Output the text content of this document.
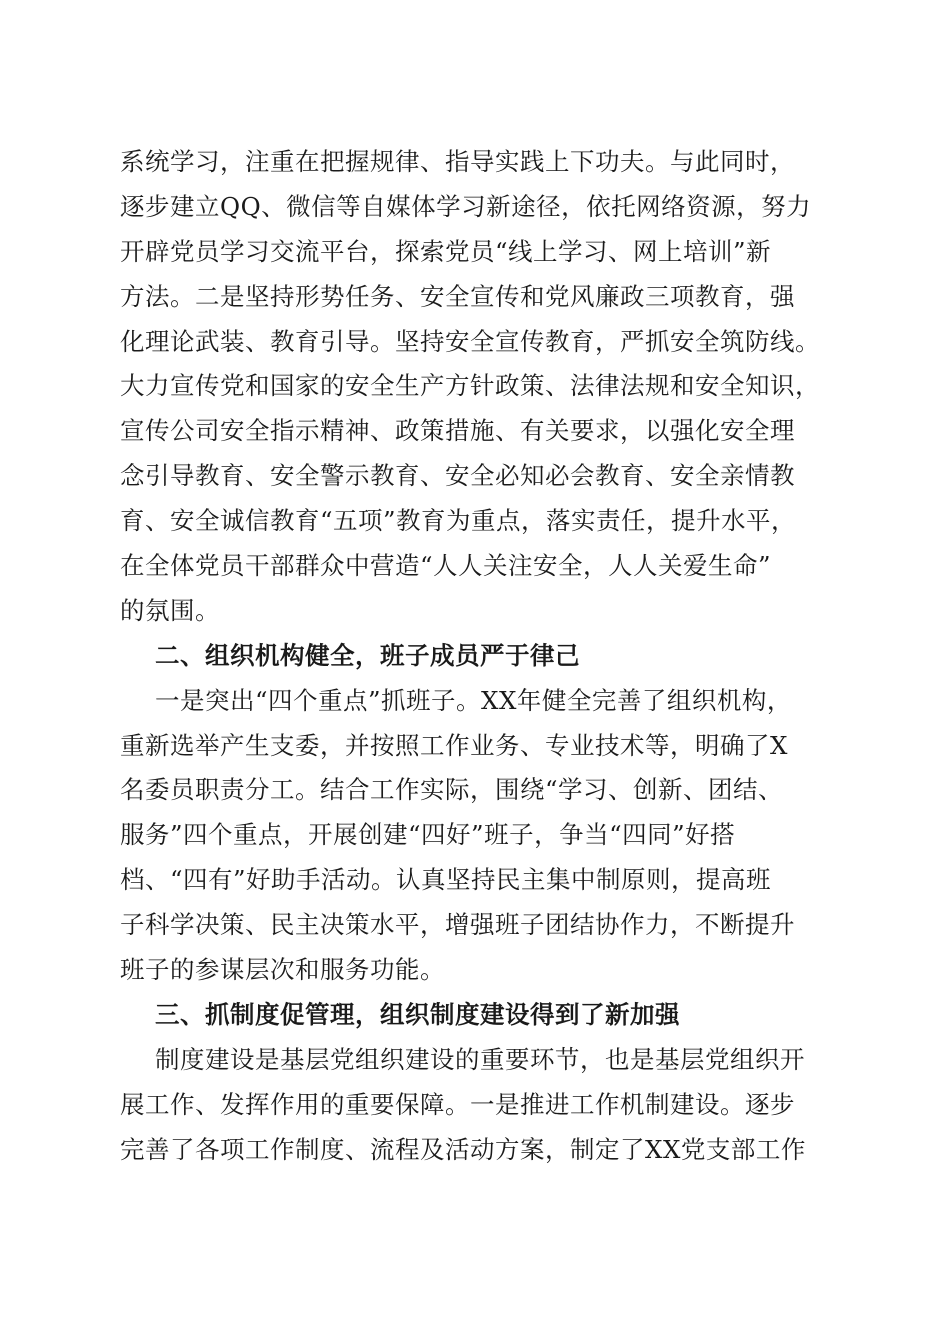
系统学习，注重在把握规律、指导实践上下功夫。与此同时，
逐步建立QQ、微信等自媒体学习新途径，依托网络资源，努力
开辟党员学习交流平台，探索党员“线上学习、网上培训”新
方法。二是坚持形势任务、安全宣传和党风廉政三项教育，强
化理论武装、教育引导。坚持安全宣传教育，严抓安全筑防线。
大力宣传党和国家的安全生产方针政策、法律法规和安全知识，
宣传公司安全指示精神、政策措施、有关要求，以强化安全理
念引导教育、安全警示教育、安全必知必会教育、安全亲情教
育、安全诚信教育“五项”教育为重点，落实责任，提升水平，
在全体党员干部群众中营造“人人关注安全，人人关爱生命”
的氛围。
二、组织机构健全，班子成员严于律己
一是突出“四个重点”抓班子。XX年健全完善了组织机构，
重新选举产生支委，并按照工作业务、专业技术等，明确了X
名委员职责分工。结合工作实际，围绕“学习、创新、团结、
服务”四个重点，开展创建“四好”班子，争当“四同”好搭
档、“四有”好助手活动。认真坚持民主集中制原则，提高班
子科学决策、民主决策水平，增强班子团结协作力，不断提升
班子的参谋层次和服务功能。
三、抓制度促管理，组织制度建设得到了新加强
制度建设是基层党组织建设的重要环节，也是基层党组织开
展工作、发挥作用的重要保障。一是推进工作机制建设。逐步
完善了各项工作制度、流程及活动方案，制定了XX党支部工作
